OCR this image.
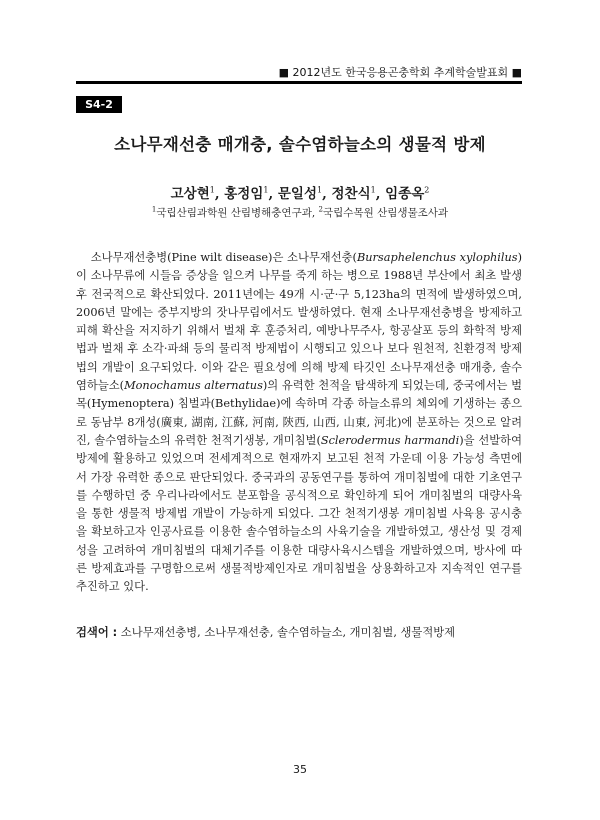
■ 2012년도 한국응용곤충학회 추계학술발표회 ■
S4-2
소나무재선충 매개충, 솔수염하늘소의 생물적 방제
고상현$^1$, 홍정임$^1$, 문일성$^1$, 정찬식$^1$, 임종옥$^2$
$^1$국립산림과학원 산림병해충연구과, $^2$국립수목원 산림생물조사과

소나무재선충병(Pine wilt disease)은 소나무재선충(Bursaphelenchus xylophilus)이 소나무류에 시들음 증상을 일으켜 나무를 죽게 하는 병으로 1988년 부산에서 최초 발생 후 전국적으로 확산되었다. 2011년에는 49개 시·군·구 5,123ha의 면적에 발생하였으며, 2006년 말에는 중부지방의 잣나무림에서도 발생하였다. 현재 소나무재선충병을 방제하고 피해 확산을 저지하기 위해서 벌채 후 훈증처리, 예방나무주사, 항공살포 등의 화학적 방제법과 벌채 후 소각·파쇄 등의 물리적 방제법이 시행되고 있으나 보다 원천적, 친환경적 방제법의 개발이 요구되었다. 이와 같은 필요성에 의해 방제 타깃인 소나무재선충 매개충, 솔수염하늘소(Monochamus alternatus)의 유력한 천적을 탐색하게 되었는데, 중국에서는 벌목(Hymenoptera) 침벌과(Bethylidae)에 속하며 각종 하늘소류의 체외에 기생하는 종으로 동남부 8개성(廣東, 湖南, 江蘇, 河南, 陝西, 山西, 山東, 河北)에 분포하는 것으로 알려진, 솔수염하늘소의 유력한 천적기생봉, 개미침벌(Sclerodermus harmandi)을 선발하여 방제에 활용하고 있었으며 전세계적으로 현재까지 보고된 천적 가운데 이용 가능성 측면에서 가장 유력한 종으로 판단되었다. 중국과의 공동연구를 통하여 개미침벌에 대한 기초연구를 수행하던 중 우리나라에서도 분포함을 공식적으로 확인하게 되어 개미침벌의 대량사육을 통한 생물적 방제법 개발이 가능하게 되었다. 그간 천적기생봉 개미침벌 사육용 공시충을 확보하고자 인공사료를 이용한 솔수염하늘소의 사육기술을 개발하였고, 생산성 및 경제성을 고려하여 개미침벌의 대체기주를 이용한 대량사육시스템을 개발하였으며, 방사에 따른 방제효과를 구명함으로써 생물적방제인자로 개미침벌을 상용화하고자 지속적인 연구를 추진하고 있다.

검색어 : 소나무재선충병, 소나무재선충, 솔수염하늘소, 개미침벌, 생물적방제
35
